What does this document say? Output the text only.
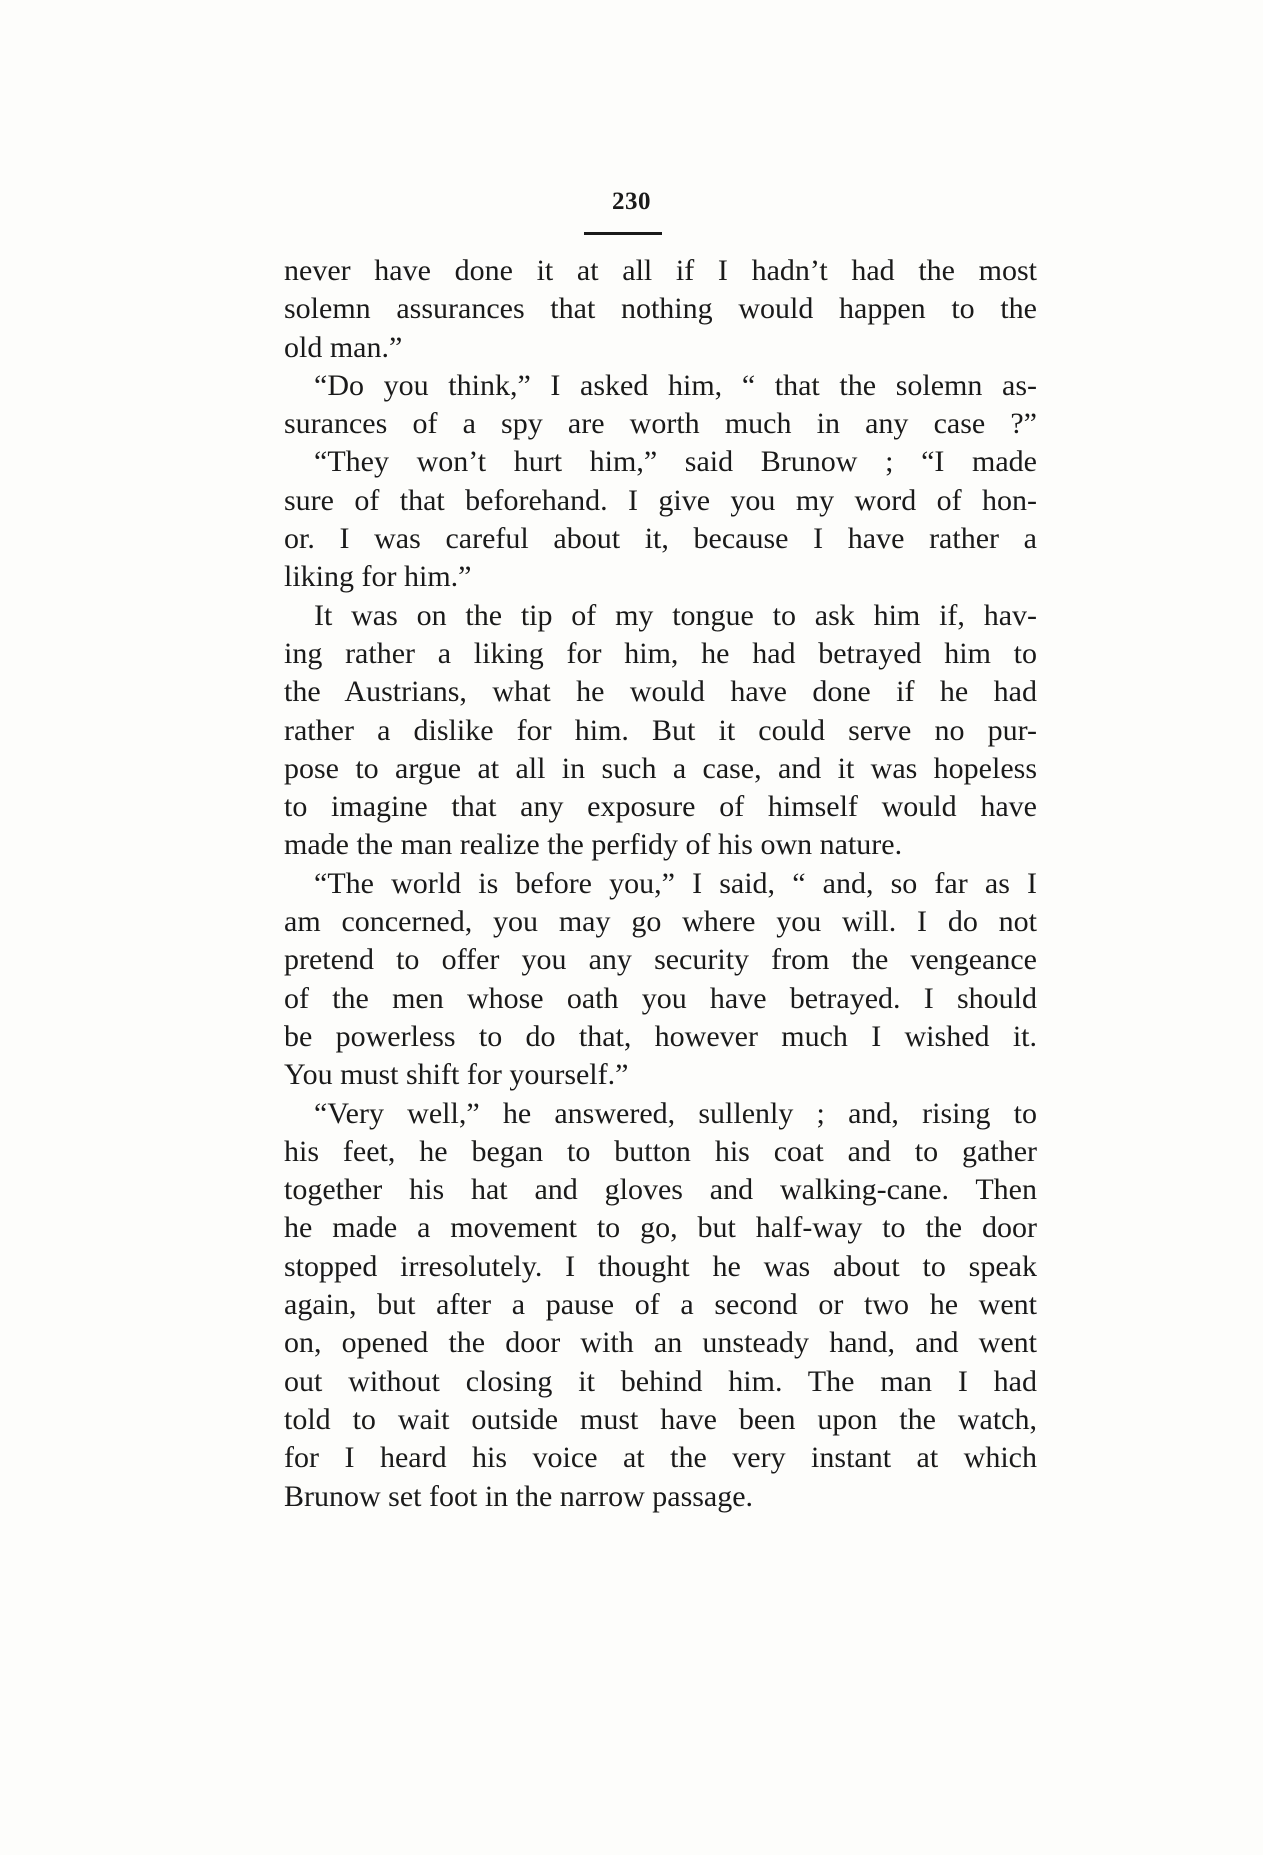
230
never have done it at all if I hadn’t had the most
solemn assurances that nothing would happen to the
old man.”
“Do you think,” I asked him, “ that the solemn as-
surances of a spy are worth much in any case ?”
“They won’t hurt him,” said Brunow ; “I made
sure of that beforehand. I give you my word of hon-
or. I was careful about it, because I have rather a
liking for him.”
It was on the tip of my tongue to ask him if, hav-
ing rather a liking for him, he had betrayed him to
the Austrians, what he would have done if he had
rather a dislike for him. But it could serve no pur-
pose to argue at all in such a case, and it was hopeless
to imagine that any exposure of himself would have
made the man realize the perfidy of his own nature.
“The world is before you,” I said, “ and, so far as I
am concerned, you may go where you will. I do not
pretend to offer you any security from the vengeance
of the men whose oath you have betrayed. I should
be powerless to do that, however much I wished it.
You must shift for yourself.”
“Very well,” he answered, sullenly ; and, rising to
his feet, he began to button his coat and to gather
together his hat and gloves and walking-cane. Then
he made a movement to go, but half-way to the door
stopped irresolutely. I thought he was about to speak
again, but after a pause of a second or two he went
on, opened the door with an unsteady hand, and went
out without closing it behind him. The man I had
told to wait outside must have been upon the watch,
for I heard his voice at the very instant at which
Brunow set foot in the narrow passage.
